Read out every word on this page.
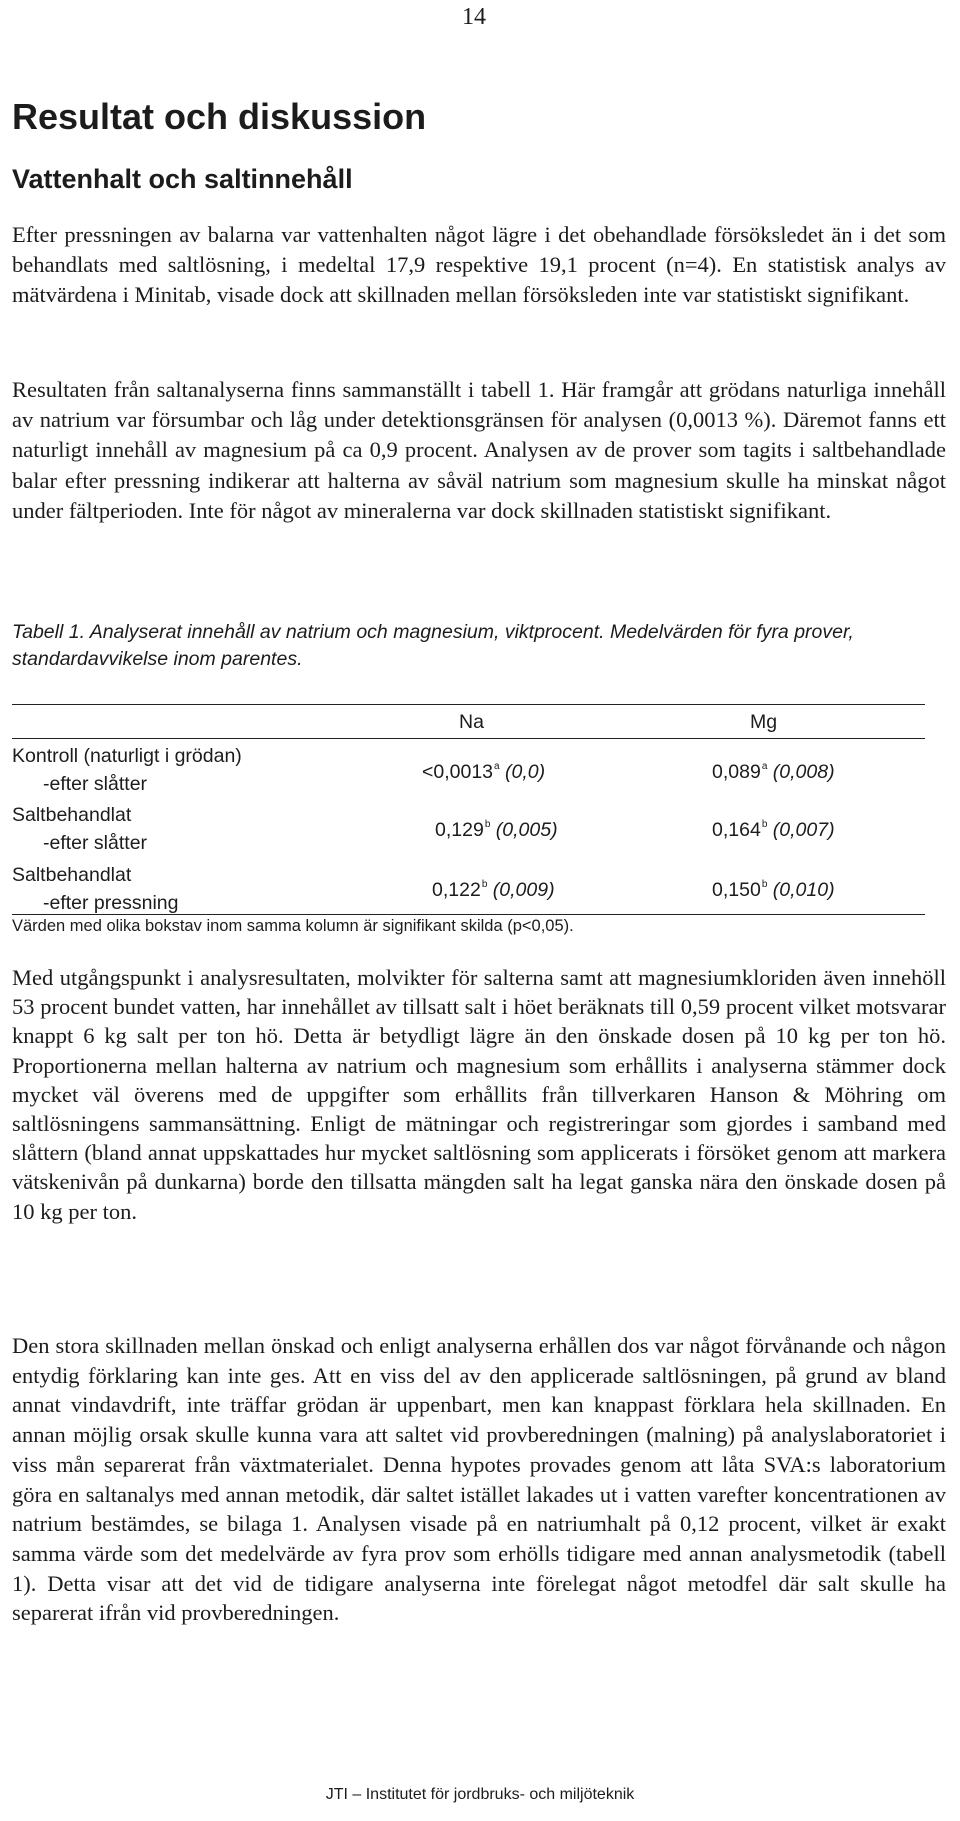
14
Resultat och diskussion
Vattenhalt och saltinnehåll

Efter pressningen av balarna var vattenhalten något lägre i det obehandlade försöksledet än i det som behandlats med saltlösning, i medeltal 17,9 respektive 19,1 procent (n=4). En statistisk analys av mätvärdena i Minitab, visade dock att skillnaden mellan försöksleden inte var statistiskt signifikant.

Resultaten från saltanalyserna finns sammanställt i tabell 1. Här framgår att grödans naturliga innehåll av natrium var försumbar och låg under detektionsgränsen för analysen (0,0013 %). Däremot fanns ett naturligt innehåll av magnesium på ca 0,9 procent. Analysen av de prover som tagits i saltbehandlade balar efter pressning indikerar att halterna av såväl natrium som magnesium skulle ha minskat något under fältperioden. Inte för något av mineralerna var dock skillnaden statistiskt signifikant.

Tabell 1. Analyserat innehåll av natrium och magnesium, viktprocent. Medelvärden för fyra prover, standardavvikelse inom parentes.

Na	Mg
Kontroll (naturligt i grödan)
-efter slåtter
<0,0013$^a$ (0,0)	0,089$^a$ (0,008)
Saltbehandlat
-efter slåtter
0,129$^b$ (0,005)	0,164$^b$ (0,007)
Saltbehandlat
-efter pressning
0,122$^b$ (0,009)	0,150$^b$ (0,010)
Värden med olika bokstav inom samma kolumn är signifikant skilda (p<0,05).

Med utgångspunkt i analysresultaten, molvikter för salterna samt att magnesiumkloriden även innehöll 53 procent bundet vatten, har innehållet av tillsatt salt i höet beräknats till 0,59 procent vilket motsvarar knappt 6 kg salt per ton hö. Detta är betydligt lägre än den önskade dosen på 10 kg per ton hö. Proportionerna mellan halterna av natrium och magnesium som erhållits i analyserna stämmer dock mycket väl överens med de uppgifter som erhållits från tillverkaren Hanson & Möhring om saltlösningens sammansättning. Enligt de mätningar och registreringar som gjordes i samband med slåttern (bland annat uppskattades hur mycket saltlösning som applicerats i försöket genom att markera vätskenivån på dunkarna) borde den tillsatta mängden salt ha legat ganska nära den önskade dosen på 10 kg per ton.

Den stora skillnaden mellan önskad och enligt analyserna erhållen dos var något förvånande och någon entydig förklaring kan inte ges. Att en viss del av den applicerade saltlösningen, på grund av bland annat vindavdrift, inte träffar grödan är uppenbart, men kan knappast förklara hela skillnaden. En annan möjlig orsak skulle kunna vara att saltet vid provberedningen (malning) på analyslaboratoriet i viss mån separerat från växtmaterialet. Denna hypotes provades genom att låta SVA:s laboratorium göra en saltanalys med annan metodik, där saltet istället lakades ut i vatten varefter koncentrationen av natrium bestämdes, se bilaga 1. Analysen visade på en natriumhalt på 0,12 procent, vilket är exakt samma värde som det medelvärde av fyra prov som erhölls tidigare med annan analysmetodik (tabell 1). Detta visar att det vid de tidigare analyserna inte förelegat något metodfel där salt skulle ha separerat ifrån vid provberedningen.

JTI – Institutet för jordbruks- och miljöteknik
